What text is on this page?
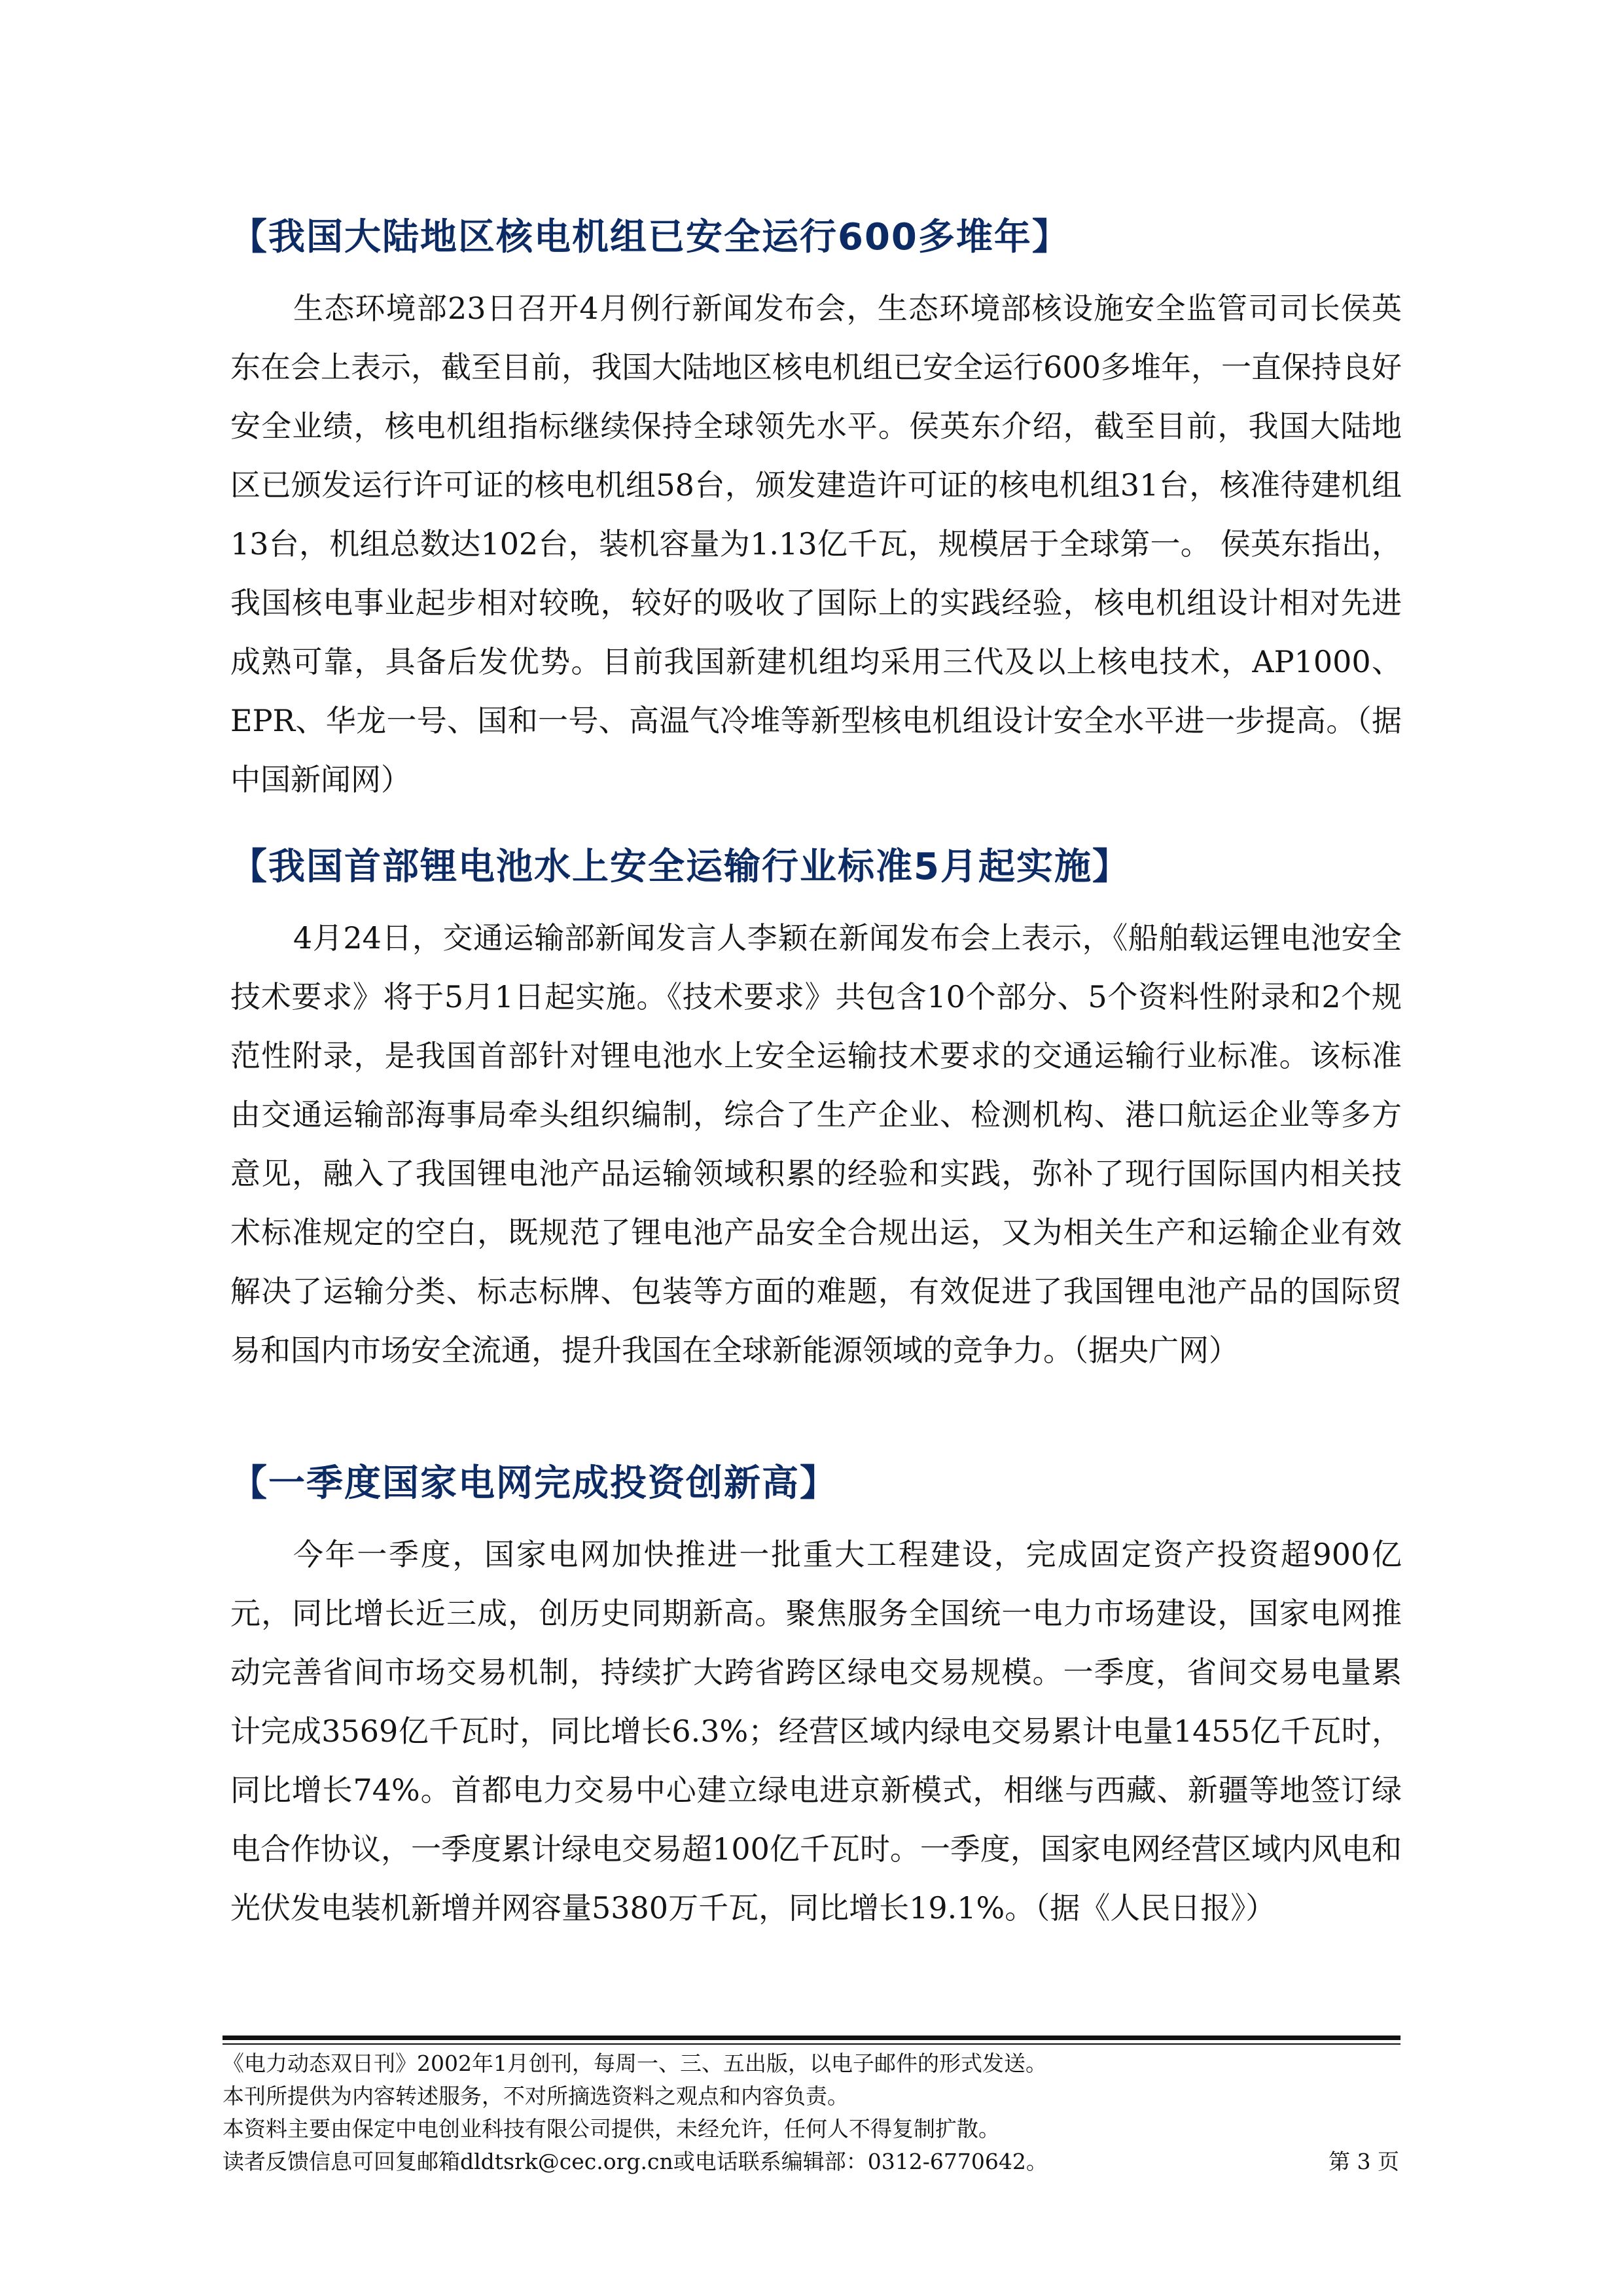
【我国大陆地区核电机组已安全运行600多堆年】

生态环境部23日召开4月例行新闻发布会，生态环境部核设施安全监管司司长侯英东在会上表示，截至目前，我国大陆地区核电机组已安全运行600多堆年，一直保持良好安全业绩，核电机组指标继续保持全球领先水平。侯英东介绍，截至目前，我国大陆地区已颁发运行许可证的核电机组58台，颁发建造许可证的核电机组31台，核准待建机组13台，机组总数达102台，装机容量为1.13亿千瓦，规模居于全球第一。 侯英东指出，我国核电事业起步相对较晚，较好的吸收了国际上的实践经验，核电机组设计相对先进成熟可靠，具备后发优势。目前我国新建机组均采用三代及以上核电技术，AP1000、EPR、华龙一号、国和一号、高温气冷堆等新型核电机组设计安全水平进一步提高。（据中国新闻网）

【我国首部锂电池水上安全运输行业标准5月起实施】

4月24日，交通运输部新闻发言人李颖在新闻发布会上表示，《船舶载运锂电池安全技术要求》将于5月1日起实施。《技术要求》共包含10个部分、5个资料性附录和2个规范性附录，是我国首部针对锂电池水上安全运输技术要求的交通运输行业标准。该标准由交通运输部海事局牵头组织编制，综合了生产企业、检测机构、港口航运企业等多方意见，融入了我国锂电池产品运输领域积累的经验和实践，弥补了现行国际国内相关技术标准规定的空白，既规范了锂电池产品安全合规出运，又为相关生产和运输企业有效解决了运输分类、标志标牌、包装等方面的难题，有效促进了我国锂电池产品的国际贸易和国内市场安全流通，提升我国在全球新能源领域的竞争力。（据央广网）

【一季度国家电网完成投资创新高】

今年一季度，国家电网加快推进一批重大工程建设，完成固定资产投资超900亿元，同比增长近三成，创历史同期新高。聚焦服务全国统一电力市场建设，国家电网推动完善省间市场交易机制，持续扩大跨省跨区绿电交易规模。一季度，省间交易电量累计完成3569亿千瓦时，同比增长6.3%；经营区域内绿电交易累计电量1455亿千瓦时，同比增长74%。首都电力交易中心建立绿电进京新模式，相继与西藏、新疆等地签订绿电合作协议，一季度累计绿电交易超100亿千瓦时。一季度，国家电网经营区域内风电和光伏发电装机新增并网容量5380万千瓦，同比增长19.1%。（据《人民日报》）

《电力动态双日刊》2002年1月创刊，每周一、三、五出版，以电子邮件的形式发送。
本刊所提供为内容转述服务，不对所摘选资料之观点和内容负责。
本资料主要由保定中电创业科技有限公司提供，未经允许，任何人不得复制扩散。
读者反馈信息可回复邮箱dldtsrk@cec.org.cn或电话联系编辑部：0312-6770642。	第 3 页
